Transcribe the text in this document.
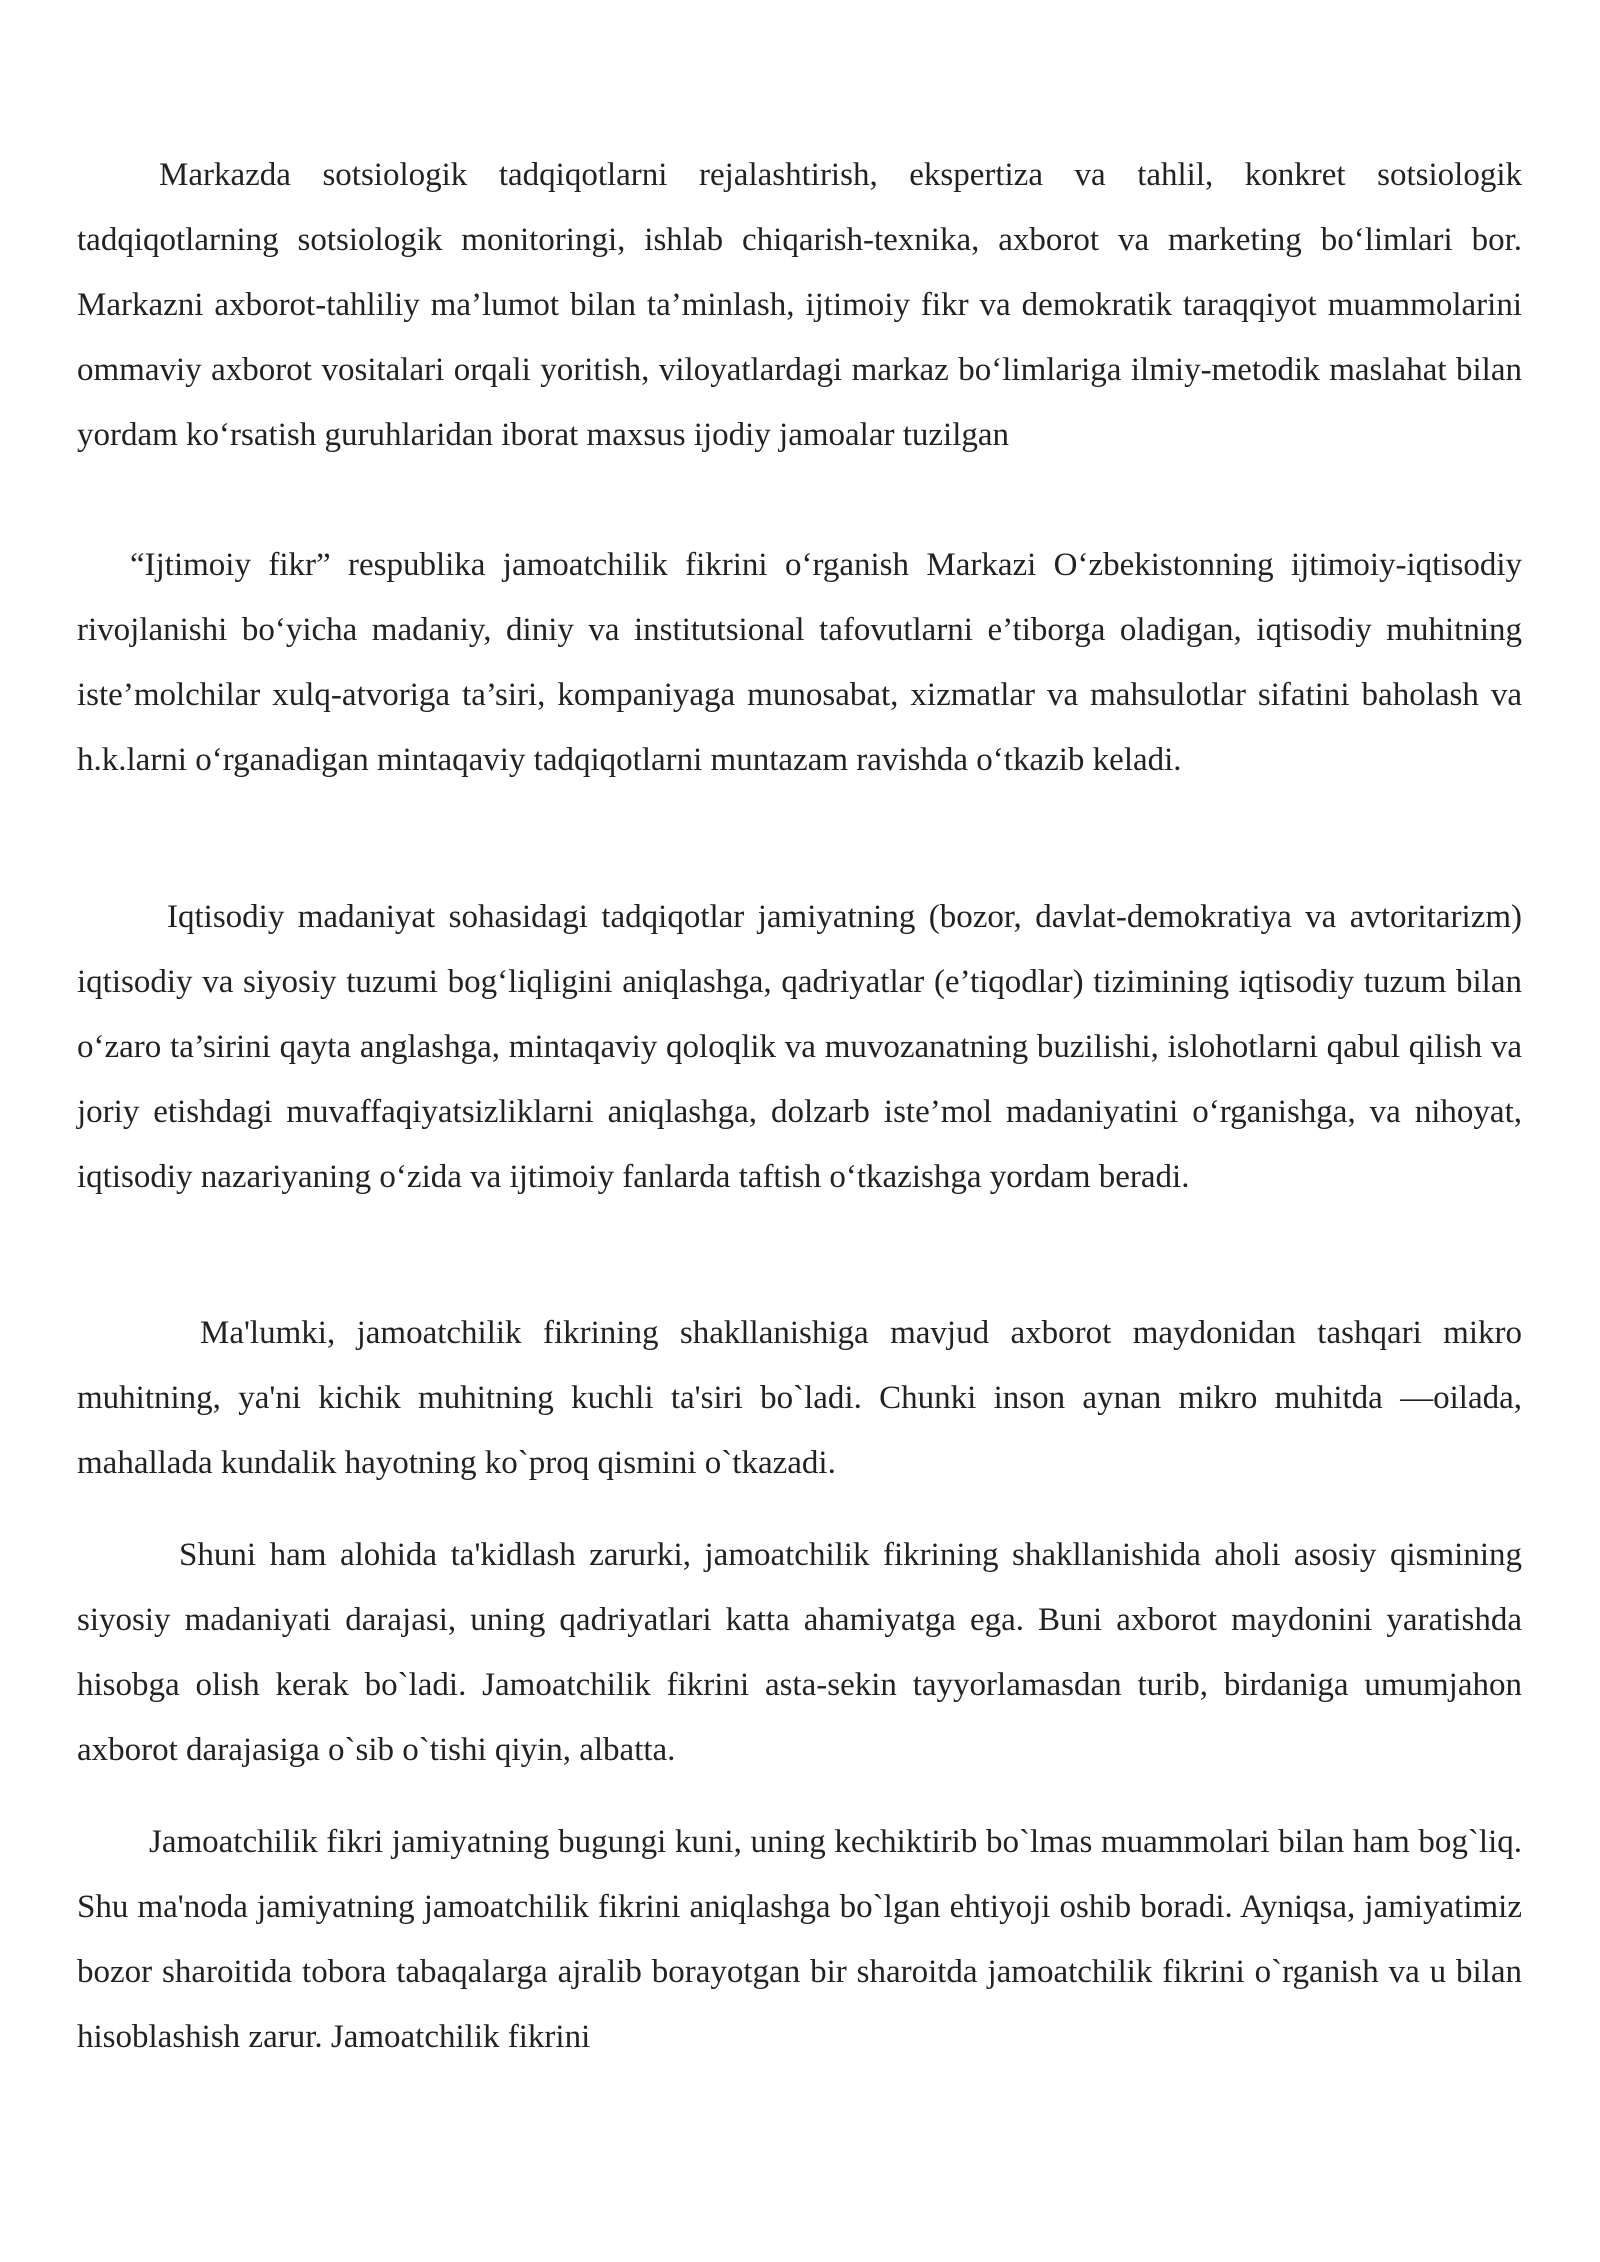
Markazda sotsiologik tadqiqotlarni rejalashtirish, ekspertiza va tahlil, konkret sotsiologik tadqiqotlarning sotsiologik monitoringi, ishlab chiqarish-texnika, axborot va marketing bo‘limlari bor. Markazni axborot-tahliliy ma’lumot bilan ta’minlash, ijtimoiy fikr va demokratik taraqqiyot muammolarini ommaviy axborot vositalari orqali yoritish, viloyatlardagi markaz bo‘limlariga ilmiy-metodik maslahat bilan yordam ko‘rsatish guruhlaridan iborat maxsus ijodiy jamoalar tuzilgan

“Ijtimoiy fikr” respublika jamoatchilik fikrini o‘rganish Markazi O‘zbekistonning ijtimoiy-iqtisodiy rivojlanishi bo‘yicha madaniy, diniy va institutsional tafovutlarni e’tiborga oladigan, iqtisodiy muhitning iste’molchilar xulq-atvoriga ta’siri, kompaniyaga munosabat, xizmatlar va mahsulotlar sifatini baholash va h.k.larni o‘rganadigan mintaqaviy tadqiqotlarni muntazam ravishda o‘tkazib keladi.

Iqtisodiy madaniyat sohasidagi tadqiqotlar jamiyatning (bozor, davlat-demokratiya va avtoritarizm) iqtisodiy va siyosiy tuzumi bog‘liqligini aniqlashga, qadriyatlar (e’tiqodlar) tizimining iqtisodiy tuzum bilan o‘zaro ta’sirini qayta anglashga, mintaqaviy qoloqlik va muvozanatning buzilishi, islohotlarni qabul qilish va joriy etishdagi muvaffaqiyatsizliklarni aniqlashga, dolzarb iste’mol madaniyatini o‘rganishga, va nihoyat, iqtisodiy nazariyaning o‘zida va ijtimoiy fanlarda taftish o‘tkazishga yordam beradi.

Ma'lumki, jamoatchilik fikrining shakllanishiga mavjud axborot maydonidan tashqari mikro muhitning, ya'ni kichik muhitning kuchli ta'siri bo`ladi. Chunki inson aynan mikro muhitda —oilada, mahallada kundalik hayotning ko`proq qismini o`tkazadi.

Shuni ham alohida ta'kidlash zarurki, jamoatchilik fikrining shakllanishida aholi asosiy qismining siyosiy madaniyati darajasi, uning qadriyatlari katta ahamiyatga ega. Buni axborot maydonini yaratishda hisobga olish kerak bo`ladi. Jamoatchilik fikrini asta-sekin tayyorlamasdan turib, birdaniga umumjahon axborot darajasiga o`sib o`tishi qiyin, albatta.

Jamoatchilik fikri jamiyatning bugungi kuni, uning kechiktirib bo`lmas muammolari bilan ham bog`liq. Shu ma'noda jamiyatning jamoatchilik fikrini aniqlashga bo`lgan ehtiyoji oshib boradi. Ayniqsa, jamiyatimiz bozor sharoitida tobora tabaqalarga ajralib borayotgan bir sharoitda jamoatchilik fikrini o`rganish va u bilan hisoblashish zarur. Jamoatchilik fikrini
